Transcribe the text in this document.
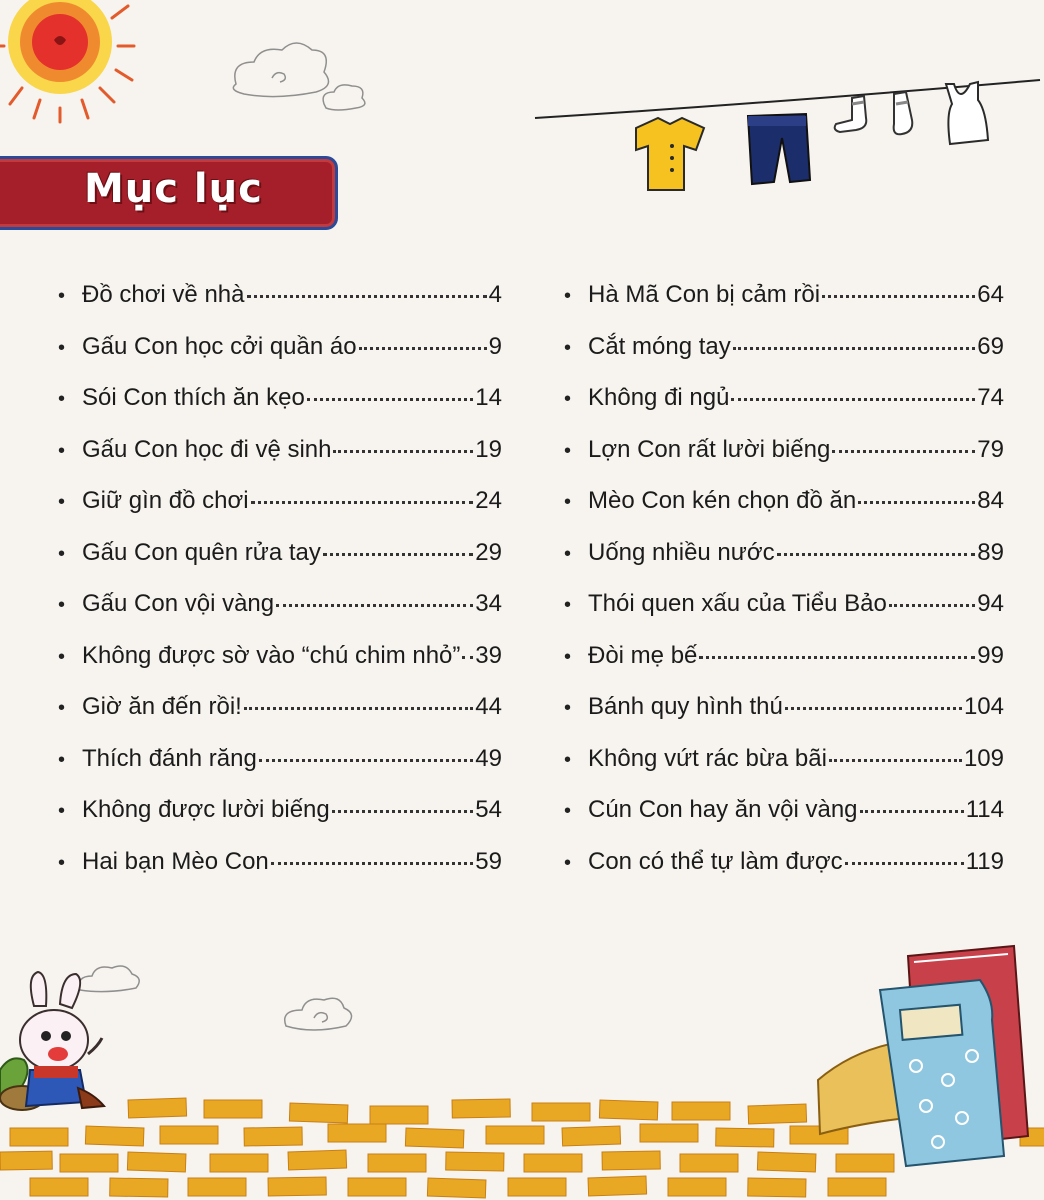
Mục lục
• Đồ chơi về nhà	4
• Gấu Con học cởi quần áo	9
• Sói Con thích ăn kẹo	14
• Gấu Con học đi vệ sinh	19
• Giữ gìn đồ chơi	24
• Gấu Con quên rửa tay	29
• Gấu Con vội vàng	34
• Không được sờ vào “chú chim nhỏ” 39
• Giờ ăn đến rồi!	44
• Thích đánh răng	49
• Không được lười biếng	54
• Hai bạn Mèo Con	59
• Hà Mã Con bị cảm rồi	64
• Cắt móng tay	69
• Không đi ngủ	74
• Lợn Con rất lười biếng	79
• Mèo Con kén chọn đồ ăn	84
• Uống nhiều nước	89
• Thói quen xấu của Tiểu Bảo	94
• Đòi mẹ bế	99
• Bánh quy hình thú	104
• Không vứt rác bừa bãi	109
• Cún Con hay ăn vội vàng	114
• Con có thể tự làm được	119
